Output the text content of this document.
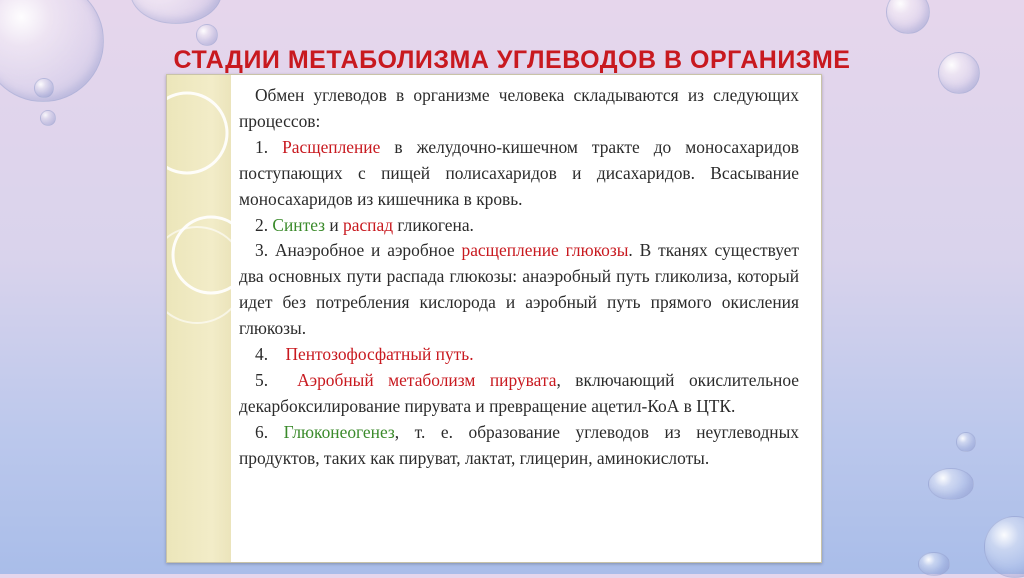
СТАДИИ МЕТАБОЛИЗМА УГЛЕВОДОВ В ОРГАНИЗМЕ

Обмен углеводов в организме человека складываются из следующих процессов:

1. Расщепление в желудочно-кишечном тракте до моносахаридов поступающих с пищей полисахаридов и дисахаридов. Всасывание моносахаридов из кишечника в кровь.

2. Синтез и распад гликогена.

3. Анаэробное и аэробное расщепление глюкозы. В тканях существует два основных пути распада глюкозы: анаэробный путь гликолиза, который идет без потребления кислорода и аэробный путь прямого окисления глюкозы.

4. Пентозофосфатный путь.

5. Аэробный метаболизм пирувата, включающий окислительное декарбоксилирование пирувата и превращение ацетил-КоА в ЦТК.

6. Глюконеогенез, т. е. образование углеводов из неуглеводных продуктов, таких как пируват, лактат, глицерин, аминокислоты.
